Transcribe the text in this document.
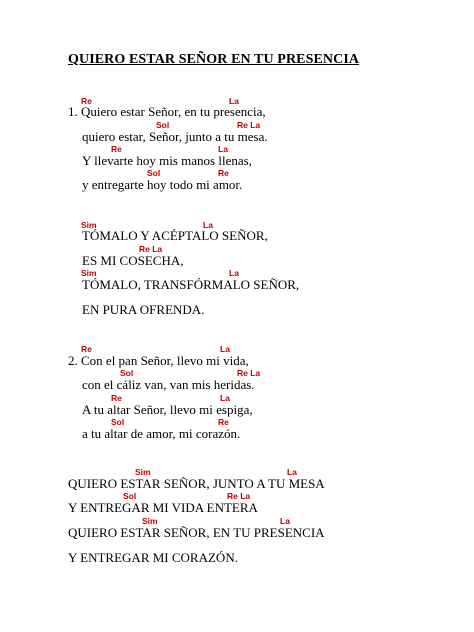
QUIERO ESTAR SEÑOR EN TU PRESENCIA
Re	La
1. Quiero estar Señor, en tu presencia,
Sol	Re La
quiero estar, Señor, junto a tu mesa.
Re	La
Y llevarte hoy mis manos llenas,
Sol	Re
y entregarte hoy todo mi amor.
Sim	La
TÓMALO Y ACÉPTALO SEÑOR,
Re La
ES MI COSECHA,
Sim	La
TÓMALO, TRANSFÓRMALO SEÑOR,
EN PURA OFRENDA.
Re	La
2. Con el pan Señor, llevo mi vida,
Sol	Re La
con el cáliz van, van mis heridas.
Re	La
A tu altar Señor, llevo mi espiga,
Sol	Re
a tu altar de amor, mi corazón.
Sim	La
QUIERO ESTAR SEÑOR, JUNTO A TU MESA
Sol	Re La
Y ENTREGAR MI VIDA ENTERA
Sim	La
QUIERO ESTAR SEÑOR, EN TU PRESENCIA
Y ENTREGAR MI CORAZÓN.
